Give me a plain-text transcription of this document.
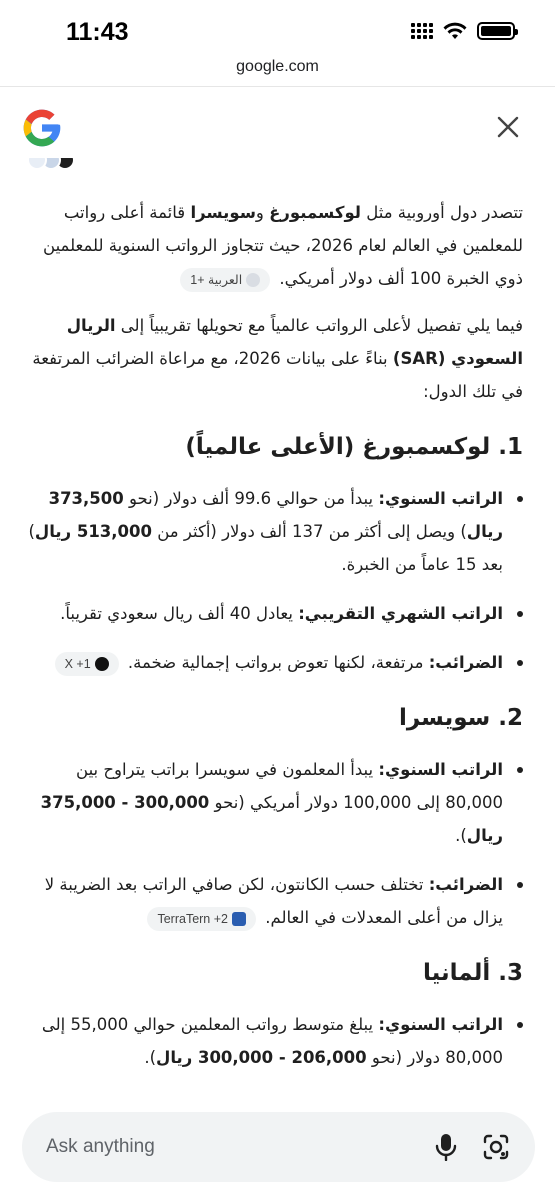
11:43
google.com
تتصدر دول أوروبية مثل لوكسمبورغ وسويسرا قائمة أعلى رواتب للمعلمين في العالم لعام 2026، حيث تتجاوز الرواتب السنوية للمعلمين ذوي الخبرة 100 ألف دولار أمريكي.
العربية +1
فيما يلي تفصيل لأعلى الرواتب عالمياً مع تحويلها تقريبياً إلى الريال السعودي (SAR) بناءً على بيانات 2026، مع مراعاة الضرائب المرتفعة في تلك الدول:
1. لوكسمبورغ (الأعلى عالمياً)
الراتب السنوي: يبدأ من حوالي 99.6 ألف دولار (نحو 373,500 ريال) ويصل إلى أكثر من 137 ألف دولار (أكثر من 513,000 ريال) بعد 15 عاماً من الخبرة.
الراتب الشهري التقريبي: يعادل 40 ألف ريال سعودي تقريباً.
الضرائب: مرتفعة، لكنها تعوض برواتب إجمالية ضخمة.
X +1
2. سويسرا
الراتب السنوي: يبدأ المعلمون في سويسرا براتب يتراوح بين 80,000 إلى 100,000 دولار أمريكي (نحو 300,000 - 375,000 ريال).
الضرائب: تختلف حسب الكانتون، لكن صافي الراتب بعد الضريبة لا يزال من أعلى المعدلات في العالم.
TerraTern +2
3. ألمانيا
الراتب السنوي: يبلغ متوسط رواتب المعلمين حوالي 55,000 إلى 80,000 دولار (نحو 206,000 - 300,000 ريال).
Ask anything
